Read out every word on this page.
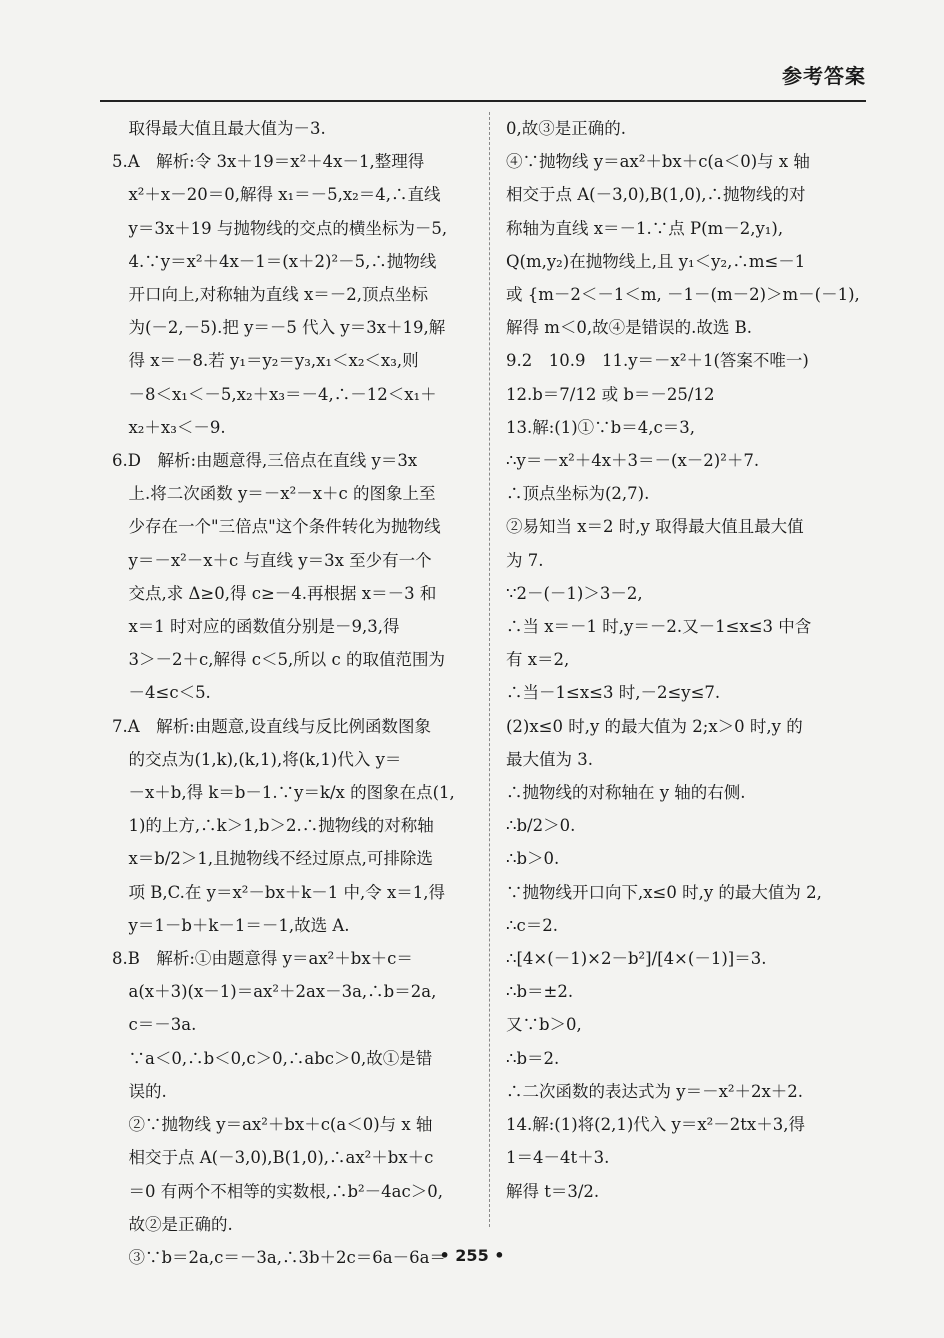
参考答案
　取得最大值且最大值为－3.
5.A　解析:令 3x＋19＝x²＋4x－1,整理得
　x²＋x－20＝0,解得 x₁＝－5,x₂＝4,∴直线
　y＝3x＋19 与抛物线的交点的横坐标为－5,
　4.∵y＝x²＋4x－1＝(x＋2)²－5,∴抛物线
　开口向上,对称轴为直线 x＝－2,顶点坐标
　为(－2,－5).把 y＝－5 代入 y＝3x＋19,解
　得 x＝－8.若 y₁＝y₂＝y₃,x₁＜x₂＜x₃,则
　－8＜x₁＜－5,x₂＋x₃＝－4,∴－12＜x₁＋
　x₂＋x₃＜－9.
6.D　解析:由题意得,三倍点在直线 y＝3x
　上.将二次函数 y＝－x²－x＋c 的图象上至
　少存在一个"三倍点"这个条件转化为抛物线
　y＝－x²－x＋c 与直线 y＝3x 至少有一个
　交点,求 Δ≥0,得 c≥－4.再根据 x＝－3 和
　x＝1 时对应的函数值分别是－9,3,得
　3＞－2＋c,解得 c＜5,所以 c 的取值范围为
　－4≤c＜5.
7.A　解析:由题意,设直线与反比例函数图象
　的交点为(1,k),(k,1),将(k,1)代入 y＝
　－x＋b,得 k＝b－1.∵y＝k/x 的图象在点(1,
　1)的上方,∴k＞1,b＞2.∴抛物线的对称轴
　x＝b/2＞1,且抛物线不经过原点,可排除选
　项 B,C.在 y＝x²－bx＋k－1 中,令 x＝1,得
　y＝1－b＋k－1＝－1,故选 A.
8.B　解析:①由题意得 y＝ax²＋bx＋c＝
　a(x＋3)(x－1)＝ax²＋2ax－3a,∴b＝2a,
　c＝－3a.
　∵a＜0,∴b＜0,c＞0,∴abc＞0,故①是错
　误的.
　②∵抛物线 y＝ax²＋bx＋c(a＜0)与 x 轴
　相交于点 A(－3,0),B(1,0),∴ax²＋bx＋c
　＝0 有两个不相等的实数根,∴b²－4ac＞0,
　故②是正确的.
　③∵b＝2a,c＝－3a,∴3b＋2c＝6a－6a＝
0,故③是正确的.
④∵抛物线 y＝ax²＋bx＋c(a＜0)与 x 轴
相交于点 A(－3,0),B(1,0),∴抛物线的对
称轴为直线 x＝－1.∵点 P(m－2,y₁),
Q(m,y₂)在抛物线上,且 y₁＜y₂,∴m≤－1
或 {m－2＜－1＜m, －1－(m－2)＞m－(－1),
解得 m＜0,故④是错误的.故选 B.
9.2　10.9　11.y＝－x²＋1(答案不唯一)
12.b＝7/12 或 b＝－25/12
13.解:(1)①∵b＝4,c＝3,
∴y＝－x²＋4x＋3＝－(x－2)²＋7.
∴顶点坐标为(2,7).
②易知当 x＝2 时,y 取得最大值且最大值
为 7.
∵2－(－1)＞3－2,
∴当 x＝－1 时,y＝－2.又－1≤x≤3 中含
有 x＝2,
∴当－1≤x≤3 时,－2≤y≤7.
(2)x≤0 时,y 的最大值为 2;x＞0 时,y 的
最大值为 3.
∴抛物线的对称轴在 y 轴的右侧.
∴b/2＞0.
∴b＞0.
∵抛物线开口向下,x≤0 时,y 的最大值为 2,
∴c＝2.
∴[4×(－1)×2－b²]/[4×(－1)]＝3.
∴b＝±2.
又∵b＞0,
∴b＝2.
∴二次函数的表达式为 y＝－x²＋2x＋2.
14.解:(1)将(2,1)代入 y＝x²－2tx＋3,得
1＝4－4t＋3.
解得 t＝3/2.
• 255 •
